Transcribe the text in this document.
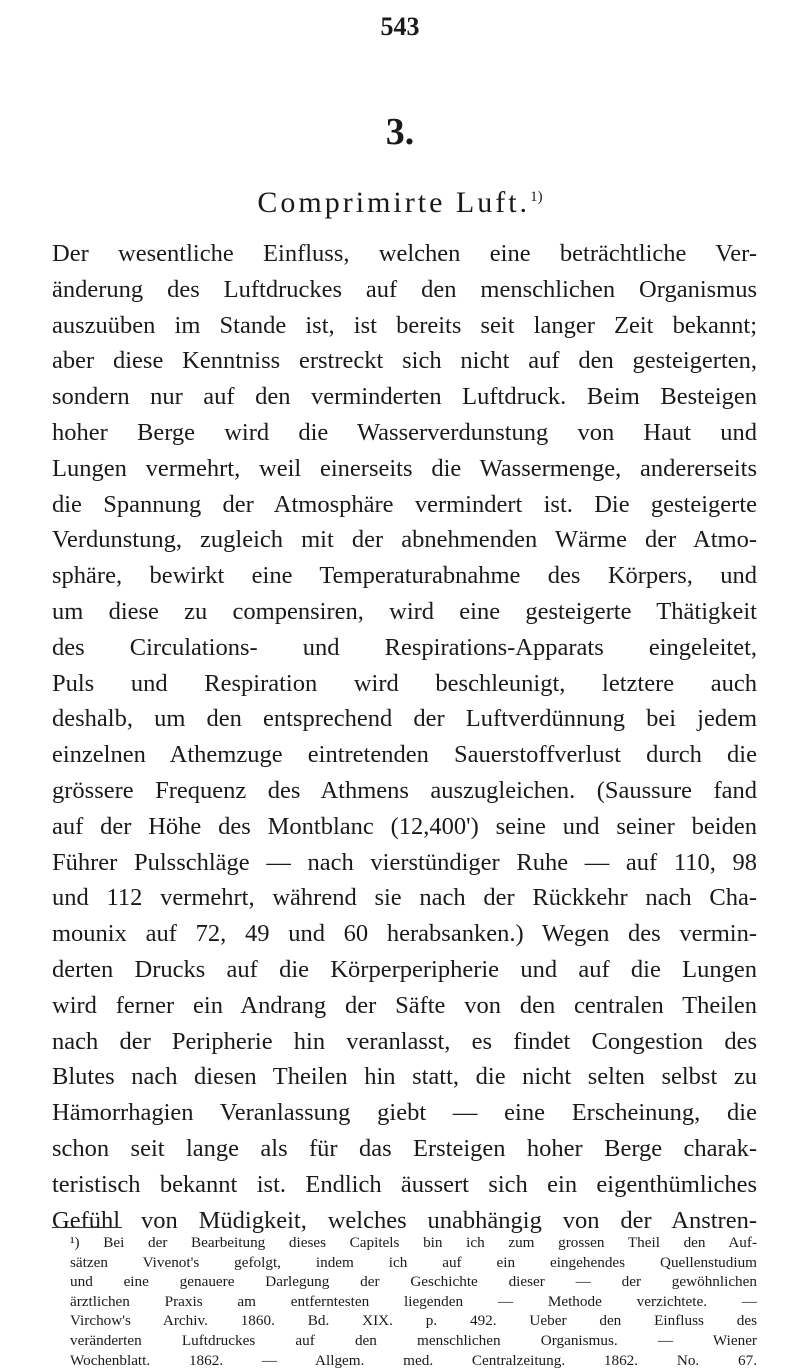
543
3.
Comprimirte Luft.$^{1)}$
Der wesentliche Einfluss, welchen eine beträchtliche Ver-
änderung des Luftdruckes auf den menschlichen Organismus
auszuüben im Stande ist, ist bereits seit langer Zeit bekannt;
aber diese Kenntniss erstreckt sich nicht auf den gesteigerten,
sondern nur auf den verminderten Luftdruck. Beim Besteigen
hoher Berge wird die Wasserverdunstung von Haut und
Lungen vermehrt, weil einerseits die Wassermenge, andererseits
die Spannung der Atmosphäre vermindert ist. Die gesteigerte
Verdunstung, zugleich mit der abnehmenden Wärme der Atmo-
sphäre, bewirkt eine Temperaturabnahme des Körpers, und
um diese zu compensiren, wird eine gesteigerte Thätigkeit
des Circulations- und Respirations-Apparats eingeleitet,
Puls und Respiration wird beschleunigt, letztere auch
deshalb, um den entsprechend der Luftverdünnung bei jedem
einzelnen Athemzuge eintretenden Sauerstoffverlust durch die
grössere Frequenz des Athmens auszugleichen. (Saussure fand
auf der Höhe des Montblanc (12,400') seine und seiner beiden
Führer Pulsschläge — nach vierstündiger Ruhe — auf 110, 98
und 112 vermehrt, während sie nach der Rückkehr nach Cha-
mounix auf 72, 49 und 60 herabsanken.) Wegen des vermin-
derten Drucks auf die Körperperipherie und auf die Lungen
wird ferner ein Andrang der Säfte von den centralen Theilen
nach der Peripherie hin veranlasst, es findet Congestion des
Blutes nach diesen Theilen hin statt, die nicht selten selbst zu
Hämorrhagien Veranlassung giebt — eine Erscheinung, die
schon seit lange als für das Ersteigen hoher Berge charak-
teristisch bekannt ist. Endlich äussert sich ein eigenthümliches
Gefühl von Müdigkeit, welches unabhängig von der Anstren-
¹) Bei der Bearbeitung dieses Capitels bin ich zum grossen Theil den Auf-
sätzen Vivenot's gefolgt, indem ich auf ein eingehendes Quellenstudium
und eine genauere Darlegung der Geschichte dieser — der gewöhnlichen
ärztlichen Praxis am entferntesten liegenden — Methode verzichtete. —
Virchow's Archiv. 1860. Bd. XIX. p. 492. Ueber den Einfluss des
veränderten Luftdruckes auf den menschlichen Organismus. — Wiener
Wochenblatt. 1862. — Allgem. med. Centralzeitung. 1862. No. 67.
